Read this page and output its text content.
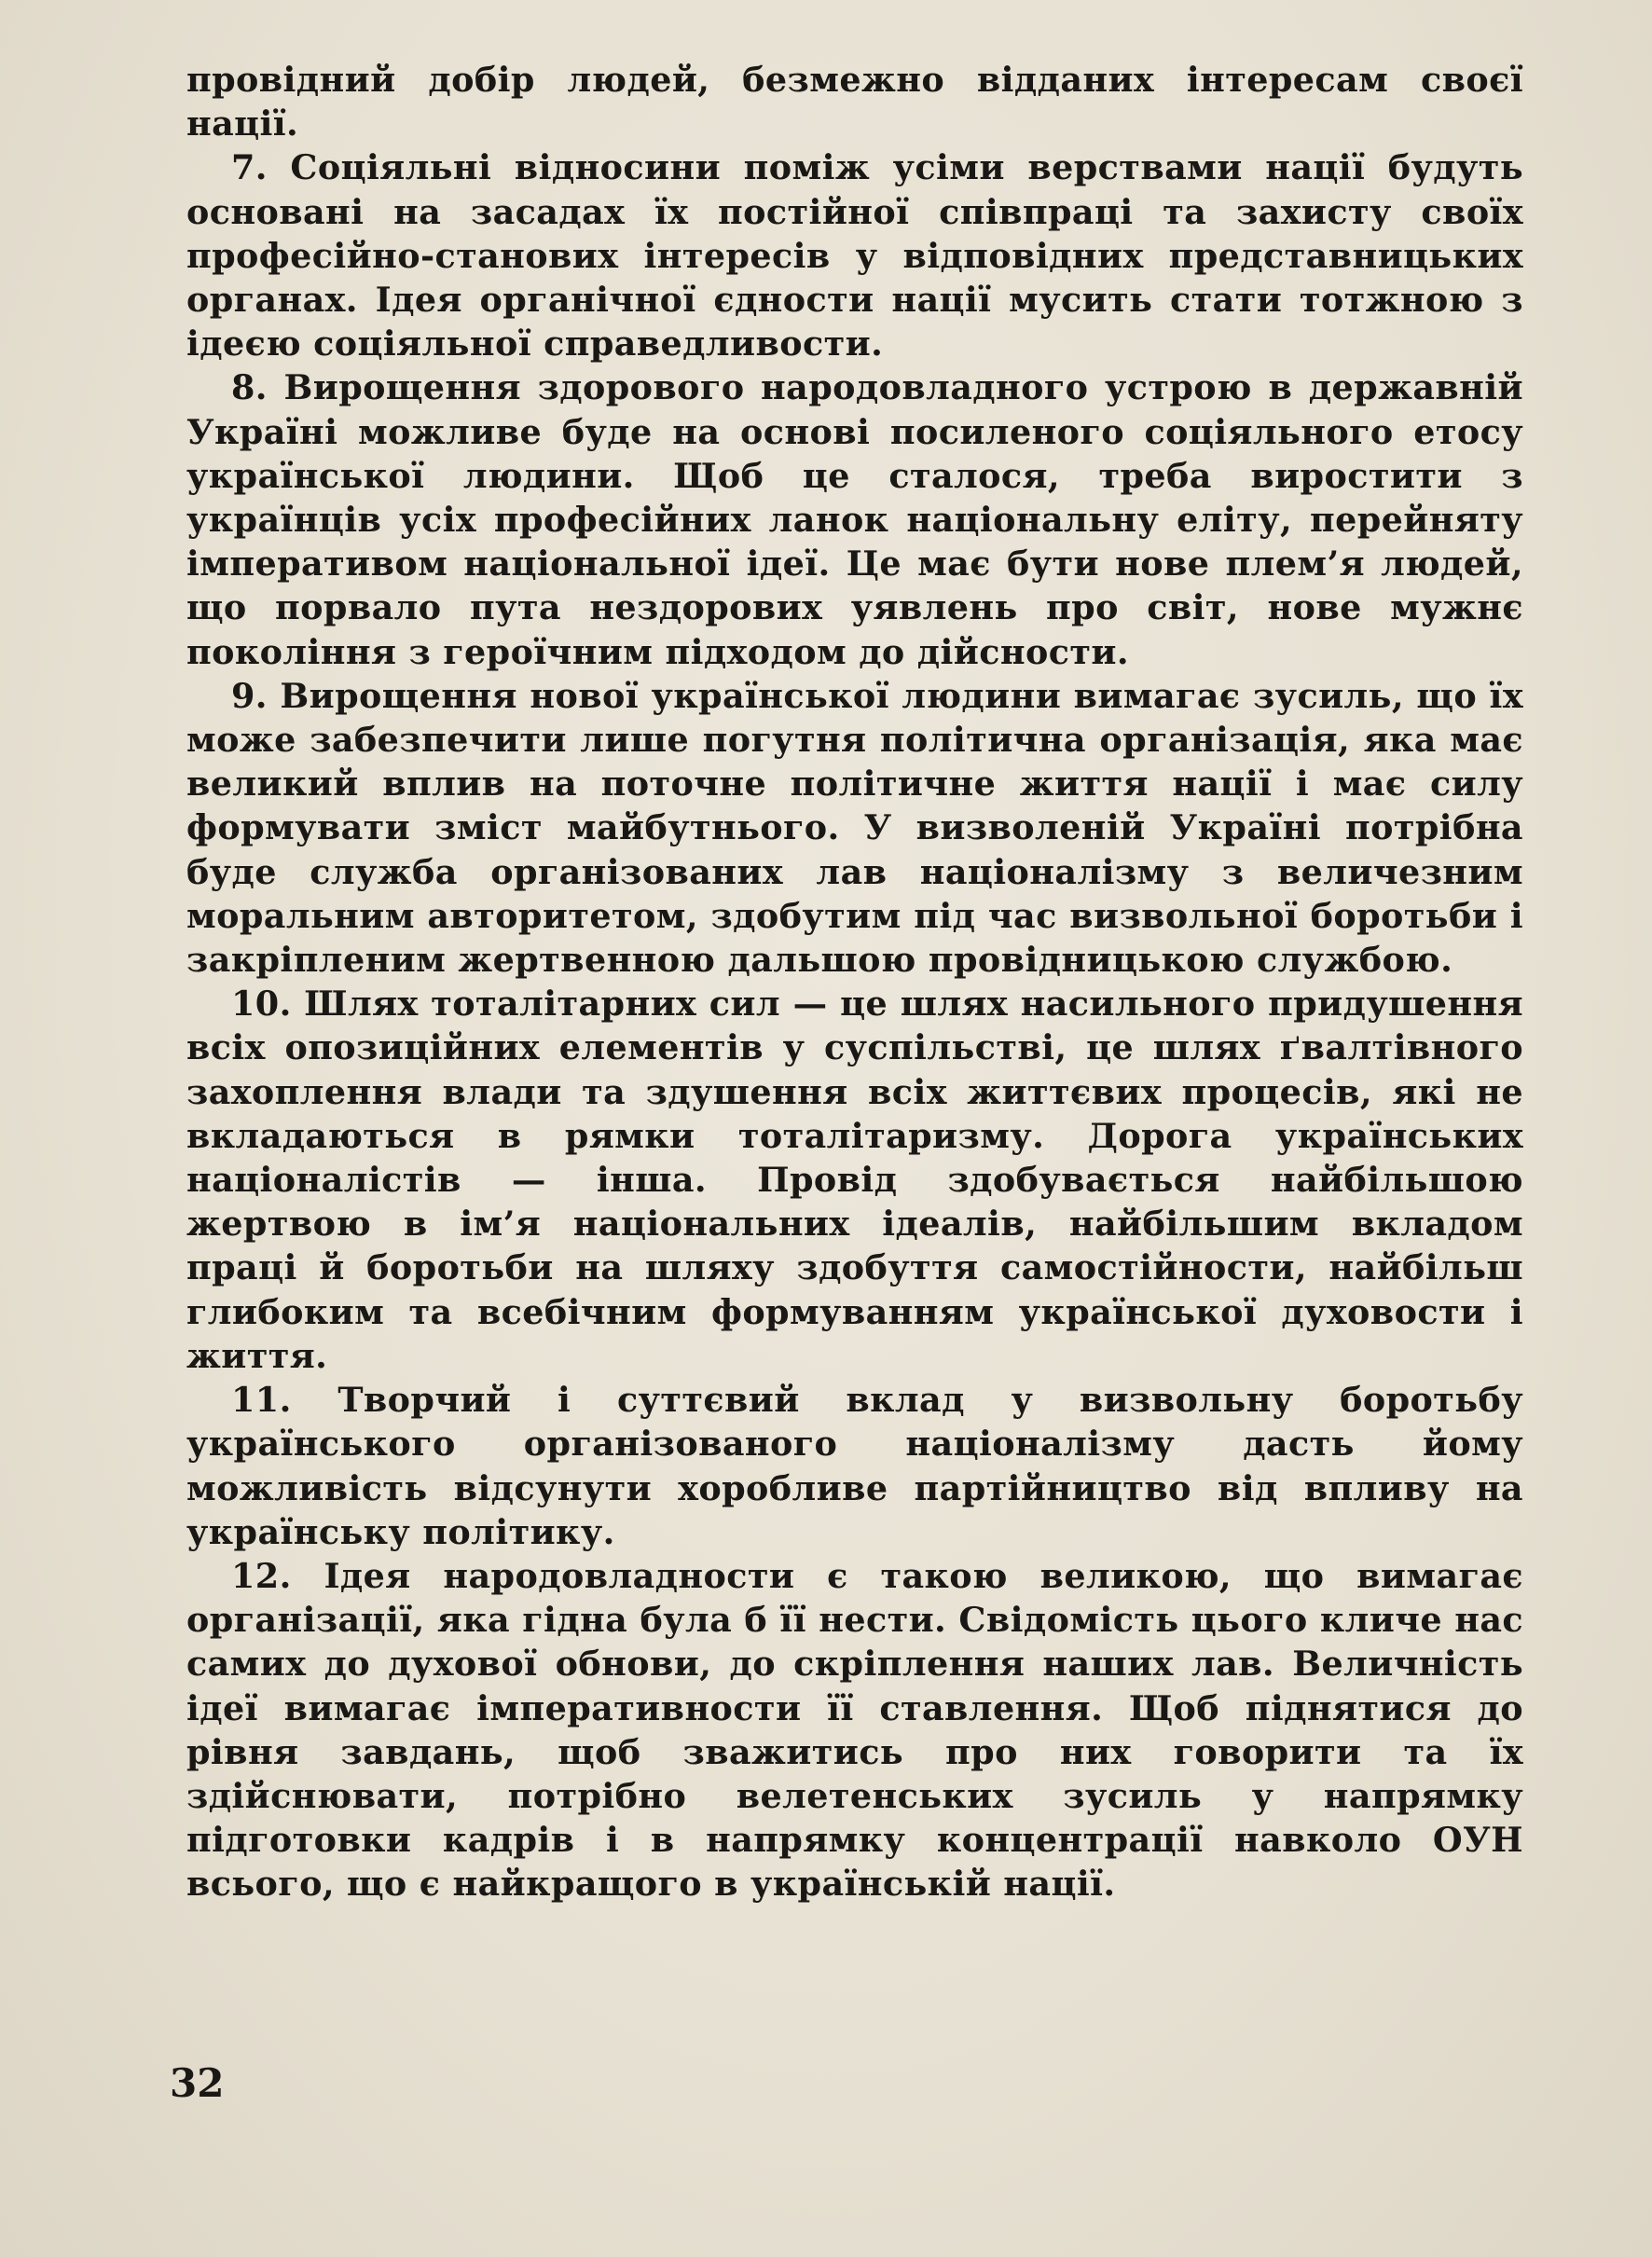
провідний добір людей, безмежно відданих інтересам своєї нації.

7. Соціяльні відносини поміж усіми верствами нації будуть основані на засадах їх постійної співпраці та захисту своїх професійно-станових інтересів у відповідних представницьких органах. Ідея органічної єдности нації мусить стати тотжною з ідеєю соціяльної справедливости.

8. Вирощення здорового народовладного устрою в державній Україні можливе буде на основі посиленого соціяльного етосу української людини. Щоб це сталося, треба виростити з українців усіх професійних ланок національну еліту, перейняту імперативом національної ідеї. Це має бути нове плем’я людей, що порвало пута нездорових уявлень про світ, нове мужнє покоління з героїчним підходом до дійсности.

9. Вирощення нової української людини вимагає зусиль, що їх може забезпечити лише погутня політична організація, яка має великий вплив на поточне політичне життя нації і має силу формувати зміст майбутнього. У визволеній Україні потрібна буде служба організованих лав націоналізму з величезним моральним авторитетом, здобутим під час визвольної боротьби і закріпленим жертвенною дальшою провідницькою службою.

10. Шлях тоталітарних сил — це шлях насильного придушення всіх опозиційних елементів у суспільстві, це шлях ґвалтівного захоплення влади та здушення всіх життєвих процесів, які не вкладаються в рямки тоталітаризму. Дорога українських націоналістів — інша. Провід здобувається найбільшою жертвою в ім’я національних ідеалів, найбільшим вкладом праці й боротьби на шляху здобуття самостійности, найбільш глибоким та всебічним формуванням української духовости і життя.

11. Творчий і суттєвий вклад у визвольну боротьбу українського організованого націоналізму дасть йому можливість відсунути хоробливе партійництво від впливу на українську політику.

12. Ідея народовладности є такою великою, що вимагає організації, яка гідна була б її нести. Свідомість цього кличе нас самих до духової обнови, до скріплення наших лав. Величність ідеї вимагає імперативности її ставлення. Щоб піднятися до рівня завдань, щоб зважитись про них говорити та їх здійснювати, потрібно велетенських зусиль у напрямку підготовки кадрів і в напрямку концентрації навколо ОУН всього, що є найкращого в українській нації.

32
